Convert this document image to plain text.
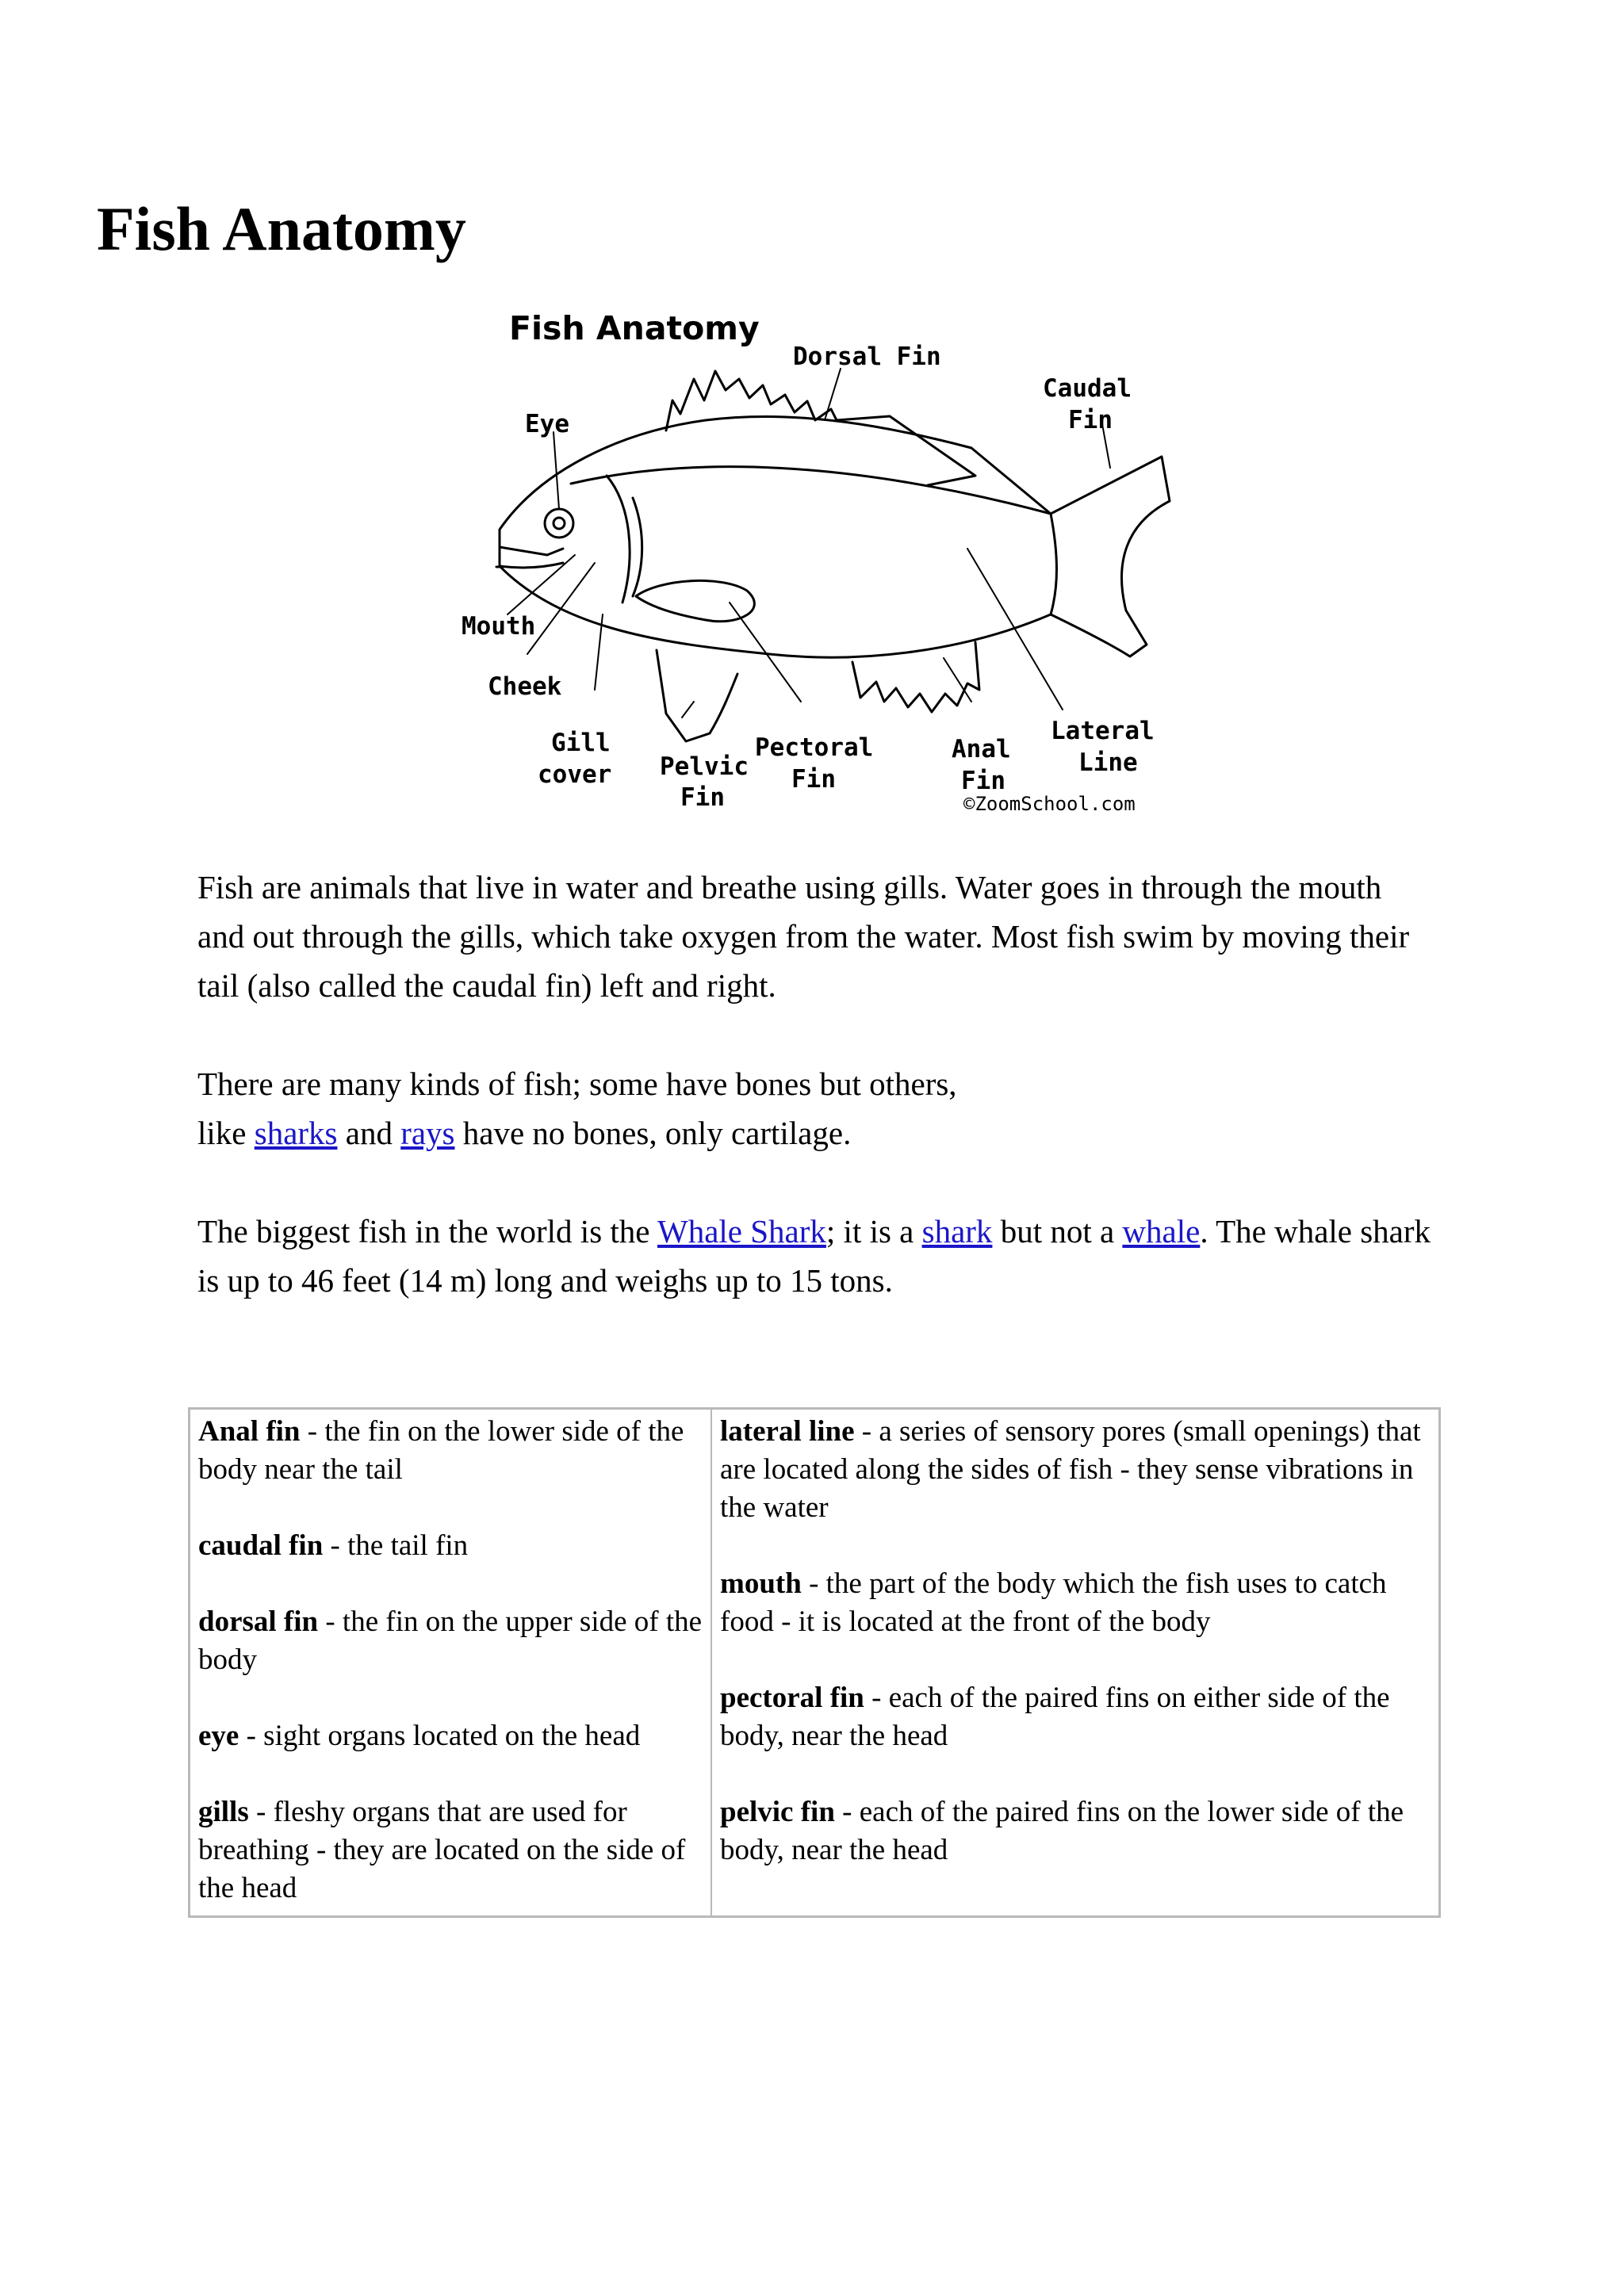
Fish Anatomy
Fish Anatomy
Dorsal Fin
Caudal
Fin
Eye
Mouth
Cheek
Gill
cover Pelvic
Fin
Pectoral
Fin
Anal
Fin
Lateral
Line
©ZoomSchool.com

Fish are animals that live in water and breathe using gills. Water goes in through the mouth and out through the gills, which take oxygen from the water. Most fish swim by moving their tail (also called the caudal fin) left and right.

There are many kinds of fish; some have bones but others,
like sharks and rays have no bones, only cartilage.

The biggest fish in the world is the Whale Shark; it is a shark but not a whale. The whale shark is up to 46 feet (14 m) long and weighs up to 15 tons.

Anal fin - the fin on the lower side of the body near the tail
caudal fin - the tail fin
dorsal fin - the fin on the upper side of the body
eye - sight organs located on the head
gills - fleshy organs that are used for breathing - they are located on the side of the head

lateral line - a series of sensory pores (small openings) that are located along the sides of fish - they sense vibrations in the water
mouth - the part of the body which the fish uses to catch food - it is located at the front of the body
pectoral fin - each of the paired fins on either side of the body, near the head
pelvic fin - each of the paired fins on the lower side of the body, near the head
